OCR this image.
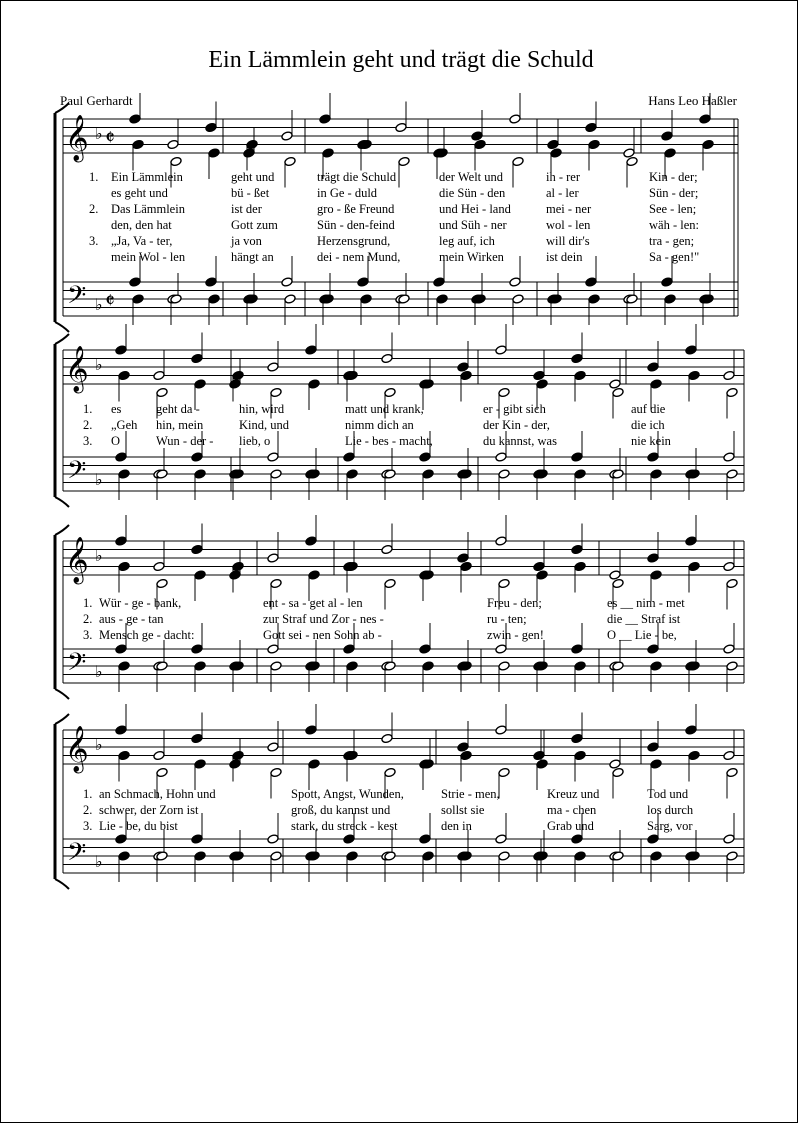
Ein Lämmlein geht und trägt die Schuld
Paul Gerhardt	Hans Leo Haßler
𝄞
𝄢
♭
♭
𝄵
𝄵
𝄞
𝄢
♭
♭
𝄞
𝄢
♭
♭
𝄞
𝄢
♭
♭
1. Ein Lämmlein	geht und	trägt die Schuld	der Welt und	ih - rer	Kin - der;
es geht und	bü - ßet	in Ge - duld	die Sün - den	al - ler	Sün - der;
2. Das Lämmlein	ist der	gro - ße Freund	und Hei - land	mei - ner	See - len;
den, den hat	Gott zum	Sün - den-feind	und Süh - ner	wol - len	wäh - len:
3. „Ja, Va - ter,	ja von	Herzensgrund,	leg auf, ich	will dir's	tra - gen;
mein Wol - len	hängt an	dei - nem Mund,	mein Wirken	ist dein	Sa - gen!"
1. es	geht da -	hin, wird	matt und krank,	er - gibt sich	auf die
2. „Geh hin, mein	Kind, und	nimm dich an	der Kin - der,	die ich
3. O	Wun - der - lieb, o	Lie - bes - macht,	du kannst, was	nie kein
1. Wür - ge - bank,	ent - sa - get al - len	Freu - den;	es __ nim - met
2. aus - ge - tan	zur Straf und Zor - nes -	ru - ten;	die __ Straf ist
3. Mensch ge - dacht:	Gott sei - nen Sohn ab -	zwin - gen!	O __ Lie - be,
1. an Schmach, Hohn und	Spott, Angst, Wunden,	Strie - men,	Kreuz und	Tod und
2. schwer, der Zorn ist	groß, du kannst und	sollst sie	ma - chen	los durch
3. Lie - be, du bist	stark, du streck - kest	den in	Grab und	Sarg, vor
